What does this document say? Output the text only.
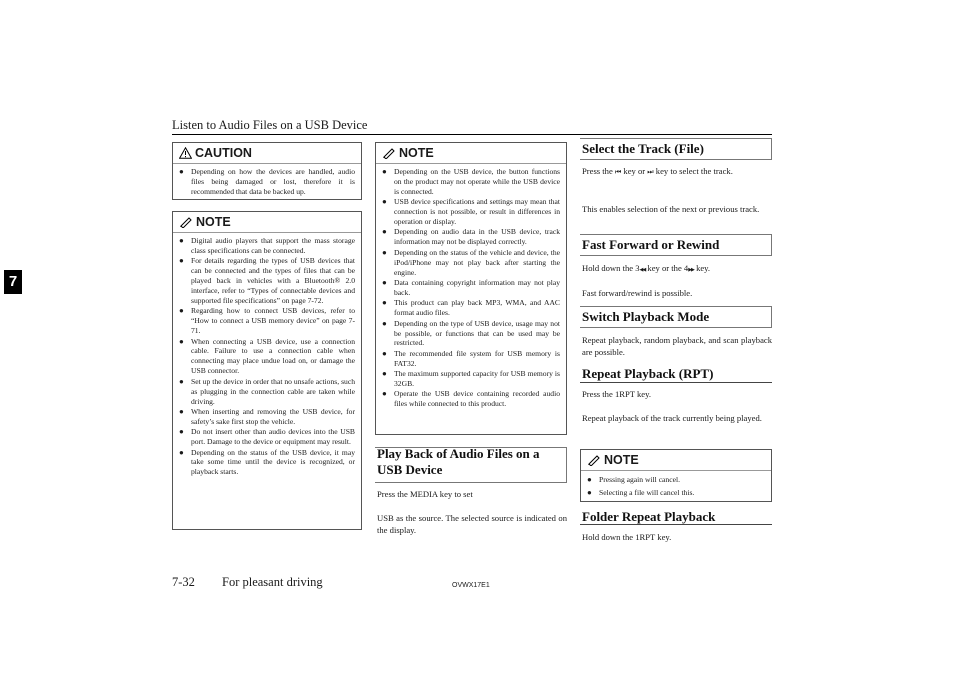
Listen to Audio Files on a USB Device
7
CAUTION
● Depending on how the devices are handled, audio files being damaged or lost, therefore it is recommended that data be backed up.
NOTE
● Digital audio players that support the mass storage class specifications can be connected.
● For details regarding the types of USB devices that can be connected and the types of files that can be played back in vehicles with a Bluetooth® 2.0 interface, refer to “Types of connectable devices and supported file specifications” on page 7-72.
● Regarding how to connect USB devices, refer to “How to connect a USB memory device” on page 7-71.
● When connecting a USB device, use a connection cable. Failure to use a connection cable when connecting may place undue load on, or damage the USB connector.
● Set up the device in order that no unsafe actions, such as plugging in the connection cable are taken while driving.
● When inserting and removing the USB device, for safety’s sake first stop the vehicle.
● Do not insert other than audio devices into the USB port. Damage to the device or equipment may result.
● Depending on the status of the USB device, it may take some time until the device is recognized, or playback starts.
NOTE
● Depending on the USB device, the button functions on the product may not operate while the USB device is connected.
● USB device specifications and settings may mean that connection is not possible, or result in differences in operation or display.
● Depending on audio data in the USB device, track information may not be displayed correctly.
● Depending on the status of the vehicle and device, the iPod/iPhone may not play back after starting the engine.
● Data containing copyright information may not play back.
● This product can play back MP3, WMA, and AAC format audio files.
● Depending on the type of USB device, usage may not be possible, or functions that can be used may be restricted.
● The recommended file system for USB memory is FAT32.
● The maximum supported capacity for USB memory is 32GB.
● Operate the USB device containing recorded audio files while connected to this product.
Play Back of Audio Files on a
USB Device
Press the MEDIA key to set
USB as the source. The selected source is indicated on the display.
Select the Track (File)
Press the ⏮ key or ⏭ key to select the track.
This enables selection of the next or previous track.
Fast Forward or Rewind
Hold down the 3◀◀ key or the 4▶▶ key.
Fast forward/rewind is possible.
Switch Playback Mode
Repeat playback, random playback, and scan playback are possible.
Repeat Playback (RPT)
Press the 1RPT key.
Repeat playback of the track currently being played.
NOTE
● Pressing again will cancel.
● Selecting a file will cancel this.
Folder Repeat Playback
Hold down the 1RPT key.
7-32 For pleasant driving	OVWX17E1
